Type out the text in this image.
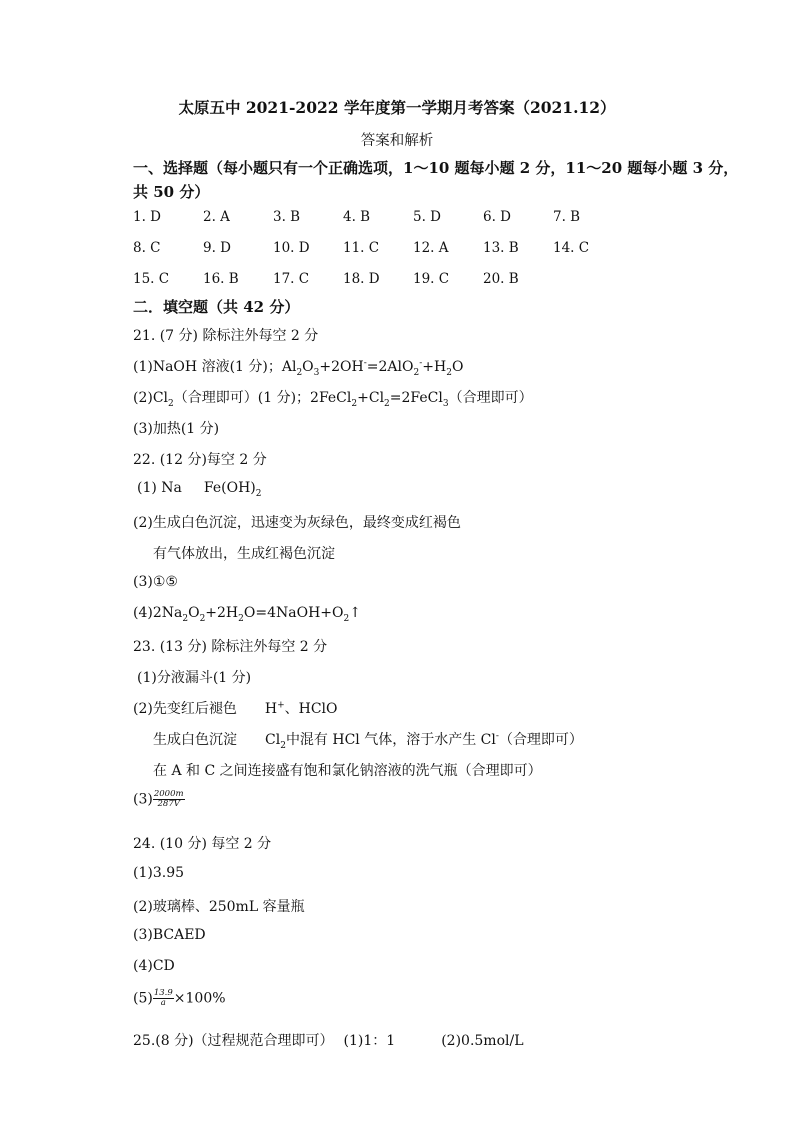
太原五中 2021-2022 学年度第一学期月考答案（2021.12）
答案和解析
一、选择题（每小题只有一个正确选项，1～10 题每小题 2 分，11～20 题每小题 3 分，
共 50 分）
1. D	2. A	3. B	4. B	5. D	6. D	7. B
8. C	9. D	10. D 11. C	12. A	13. B	14. C
15. C	16. B	17. C	18. D 19. C	20. B
二．填空题（共 42 分）
21. (7 分) 除标注外每空 2 分
(1)NaOH 溶液(1 分)；$Al_2O_3+2OH^-=2AlO_2^-+H_2O$
$(2)Cl_2$（合理即可）(1 分)；$2FeCl_2+Cl_2=2FeCl_3$（合理即可）
(3)加热(1 分)
22. (12 分)每空 2 分
(1) Na $Fe(OH)_2$
(2)生成白色沉淀，迅速变为灰绿色，最终变成红褐色
有气体放出，生成红褐色沉淀
(3)①⑤
$(4)2Na_2O_2+2H_2O=4NaOH+O_2↑$
23. (13 分) 除标注外每空 2 分
(1)分液漏斗(1 分)
(2)先变红后褪色 H+、HClO
生成白色沉淀 $Cl_2$中混有 HCl 气体，溶于水产生 Cl-（合理即可）
在 A 和 C 之间连接盛有饱和氯化钠溶液的洗气瓶（合理即可）
$(3) \frac{2000m}{287V}$
24. (10 分) 每空 2 分
(1)3.95
(2)玻璃棒、250mL 容量瓶
(3)BCAED
(4)CD
$(5) \frac{13.9}{a} \times 100\%$
25.(8 分)（过程规范合理即可） (1)1：1	(2)0.5mol/L
